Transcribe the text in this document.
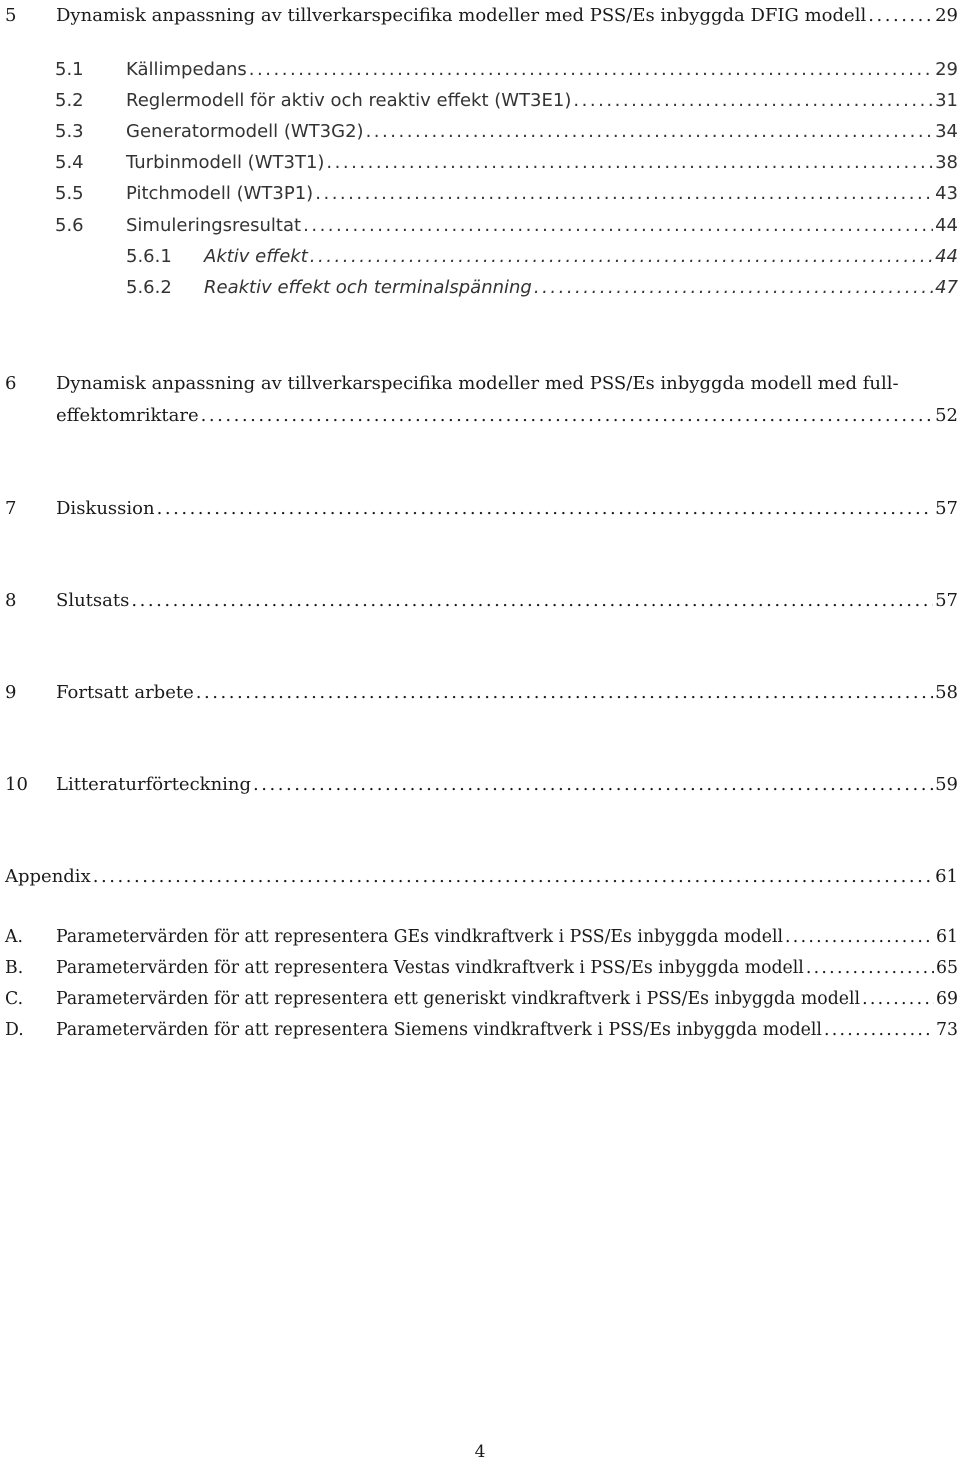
5	Dynamisk anpassning av tillverkarspecifika modeller med PSS/Es inbyggda DFIG modell . . .	29
5.1	Källimpedans . . .	29
5.2	Reglermodell för aktiv och reaktiv effekt (WT3E1) . . .	31
5.3	Generatormodell (WT3G2) . . .	34
5.4	Turbinmodell (WT3T1) . . .	38
5.5	Pitchmodell (WT3P1) . . .	43
5.6	Simuleringsresultat . . .	44
5.6.1	Aktiv effekt . . .	44
5.6.2	Reaktiv effekt och terminalspänning . . .	47
6 Dynamisk anpassning av tillverkarspecifika modeller med PSS/Es inbyggda modell med full-
effektomriktare . . .	52
7	Diskussion . . .	57
8	Slutsats . . .	57
9	Fortsatt arbete . . .	58
10	Litteraturförteckning . . .	59
Appendix . . .	61
A.	Parametervärden för att representera GEs vindkraftverk i PSS/Es inbyggda modell . . .	61
B.	Parametervärden för att representera Vestas vindkraftverk i PSS/Es inbyggda modell . . .	65
C.	Parametervärden för att representera ett generiskt vindkraftverk i PSS/Es inbyggda modell . . .	69
D.	Parametervärden för att representera Siemens vindkraftverk i PSS/Es inbyggda modell . . .	73
4
